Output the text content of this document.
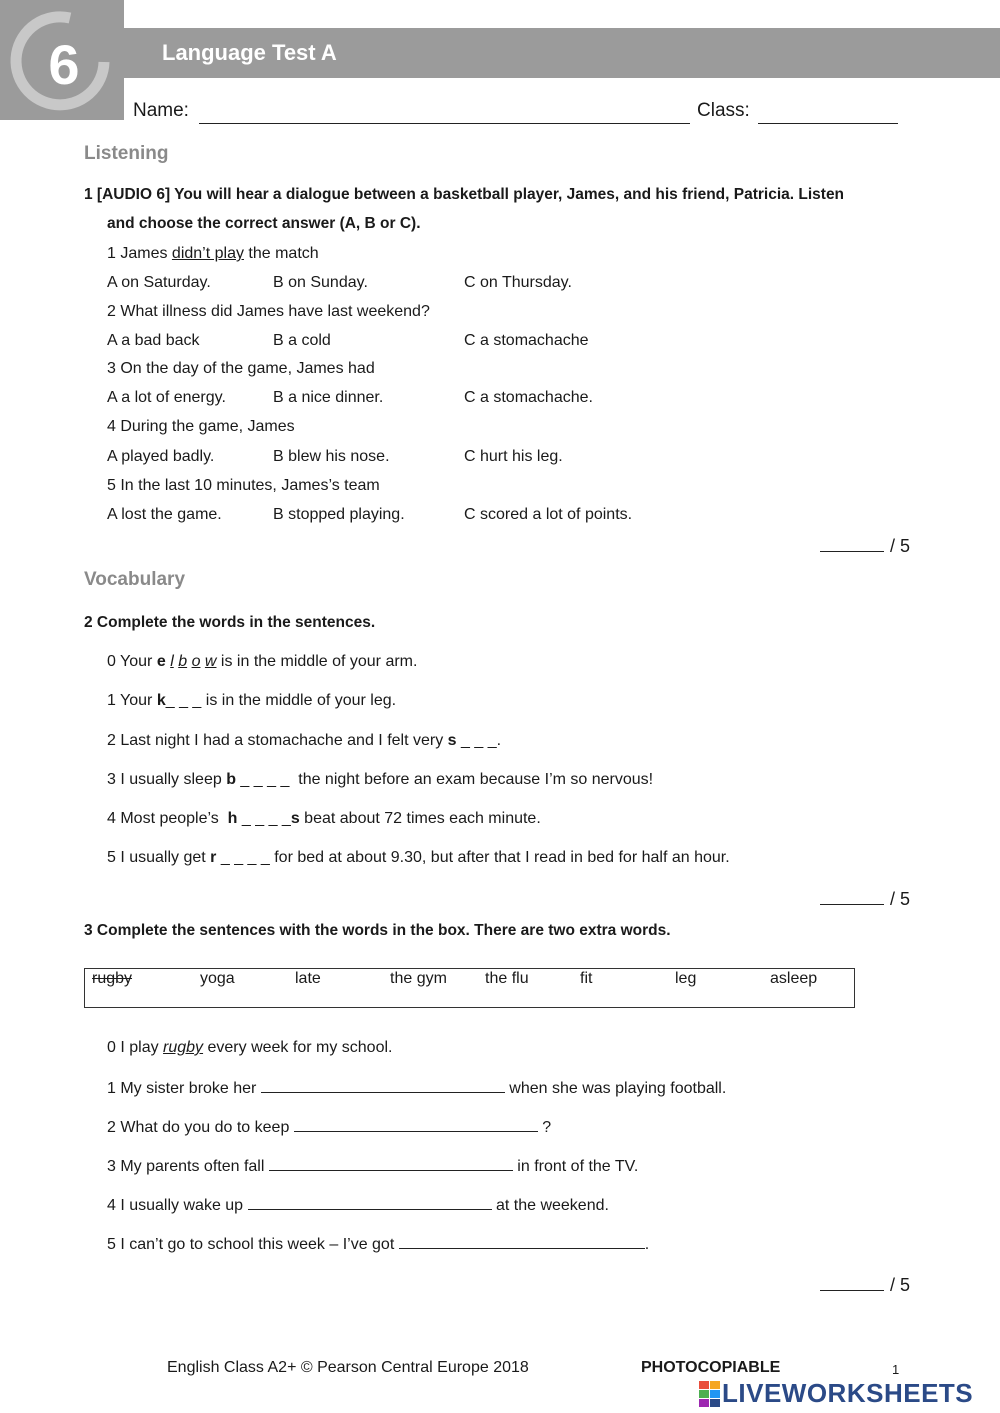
6	Language Test A
Name:	Class:
Listening
1 [AUDIO 6] You will hear a dialogue between a basketball player, James, and his friend, Patricia. Listen
and choose the correct answer (A, B or C).
1 James didn’t play the match
A on Saturday.	B on Sunday.	C on Thursday.
2 What illness did James have last weekend?
A a bad back	B a cold	C a stomachache
3 On the day of the game, James had
A a lot of energy.	B a nice dinner.	C a stomachache.
4 During the game, James
A played badly.	B blew his nose.	C hurt his leg.
5 In the last 10 minutes, James’s team
A lost the game.	B stopped playing.	C scored a lot of points.
/ 5
Vocabulary
2 Complete the words in the sentences.
0 Your e l b o w is in the middle of your arm.
1 Your k_ _ _ is in the middle of your leg.
2 Last night I had a stomachache and I felt very s _ _ _.
3 I usually sleep b _ _ _ _  the night before an exam because I’m so nervous!
4 Most people’s  h _ _ _ _s beat about 72 times each minute.
5 I usually get r _ _ _ _ for bed at about 9.30, but after that I read in bed for half an hour.
/ 5
3 Complete the sentences with the words in the box. There are two extra words.
rugby	yoga	late	the gym the flu	fit	leg	asleep
0 I play rugby every week for my school.
1 My sister broke her	when she was playing football.
2 What do you do to keep	?
3 My parents often fall	in front of the TV.
4 I usually wake up	at the weekend.
5 I can’t go to school this week – I’ve got	.
/ 5
English Class A2+ © Pearson Central Europe 2018	PHOTOCOPIABLE	1
LIVEWORKSHEETS
